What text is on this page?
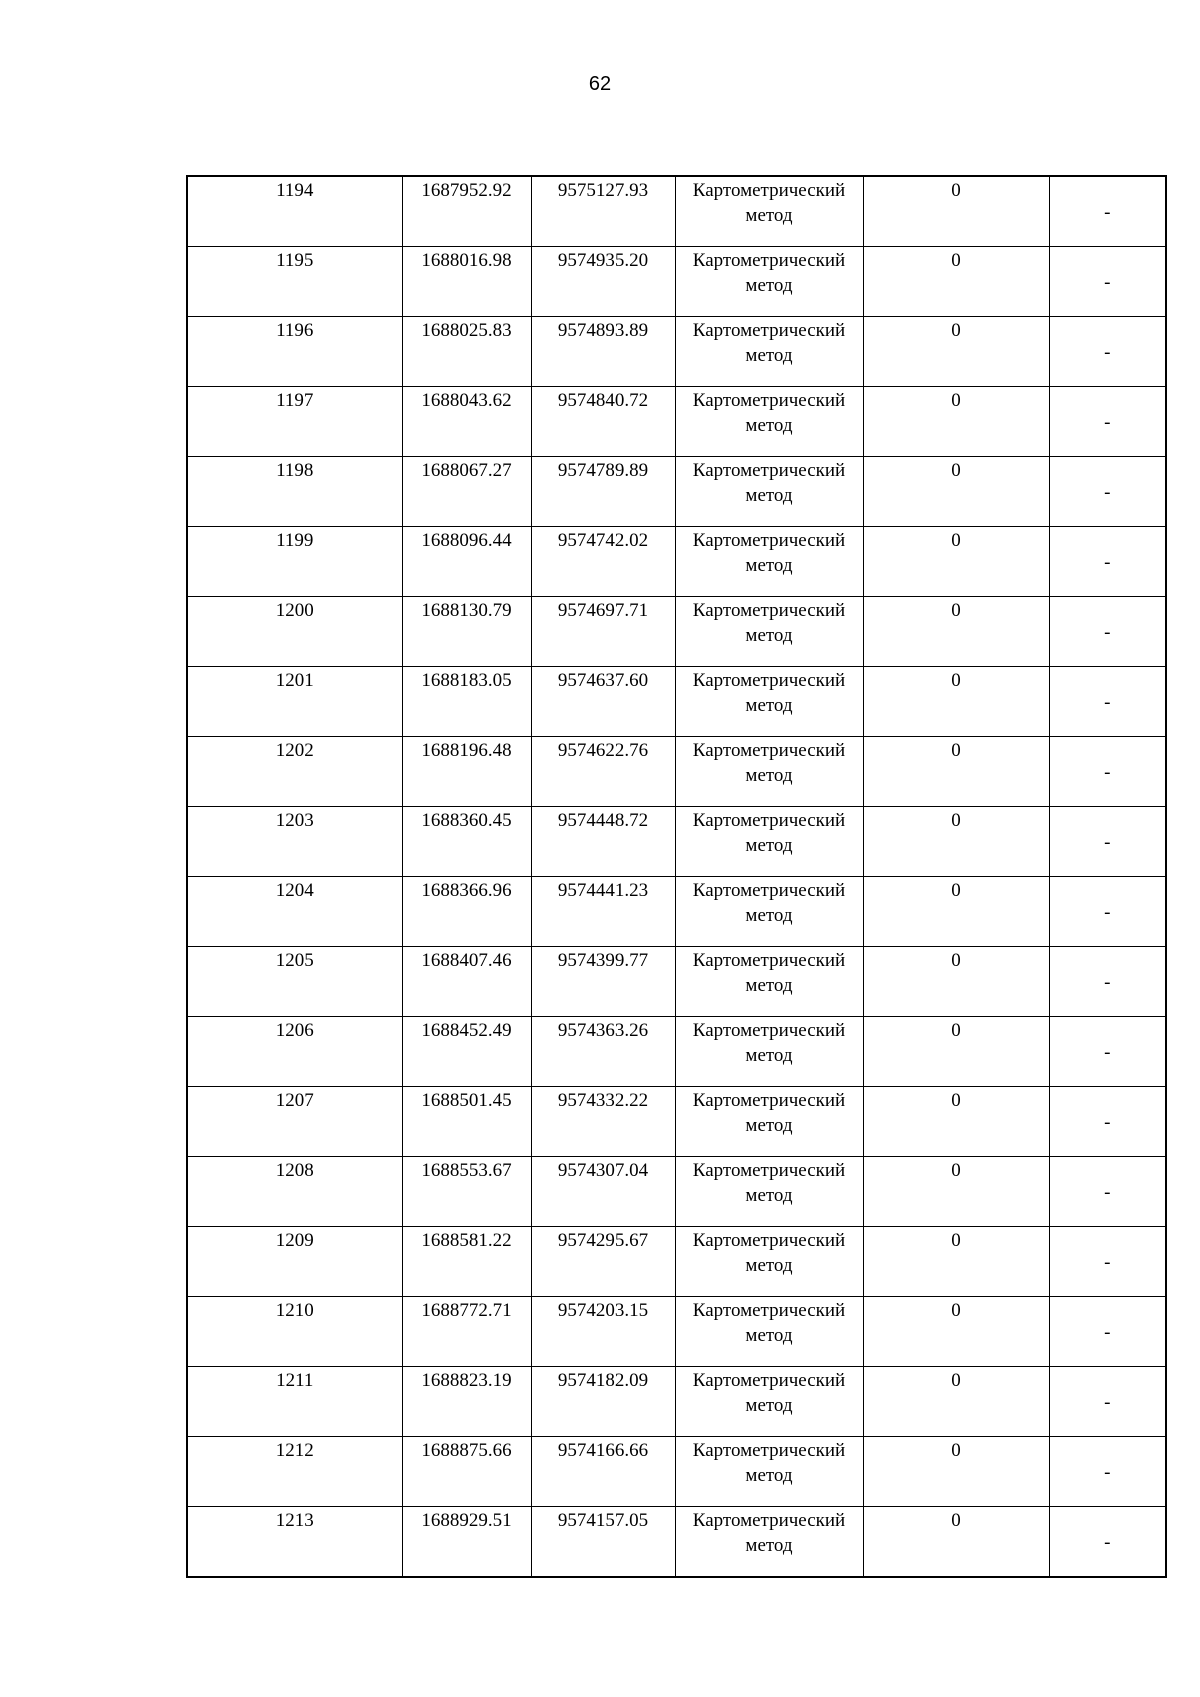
62
1194	1687952.92	9575127.93	Картометрический
метод	0	-

1195	1688016.98	9574935.20	Картометрический
метод	0	-

1196	1688025.83	9574893.89	Картометрический
метод	0	-

1197	1688043.62	9574840.72	Картометрический
метод	0	-

1198	1688067.27	9574789.89	Картометрический
метод	0	-

1199	1688096.44	9574742.02	Картометрический
метод	0	-

1200	1688130.79	9574697.71	Картометрический
метод	0	-

1201	1688183.05	9574637.60	Картометрический
метод	0	-

1202	1688196.48	9574622.76	Картометрический
метод	0	-

1203	1688360.45	9574448.72	Картометрический
метод	0	-

1204	1688366.96	9574441.23	Картометрический
метод	0	-

1205	1688407.46	9574399.77	Картометрический
метод	0	-

1206	1688452.49	9574363.26	Картометрический
метод	0	-

1207	1688501.45	9574332.22	Картометрический
метод	0	-

1208	1688553.67	9574307.04	Картометрический
метод	0	-

1209	1688581.22	9574295.67	Картометрический
метод	0	-

1210	1688772.71	9574203.15	Картометрический
метод	0	-

1211	1688823.19	9574182.09	Картометрический
метод	0	-

1212	1688875.66	9574166.66	Картометрический
метод	0	-

1213	1688929.51	9574157.05	Картометрический
метод	0	-
